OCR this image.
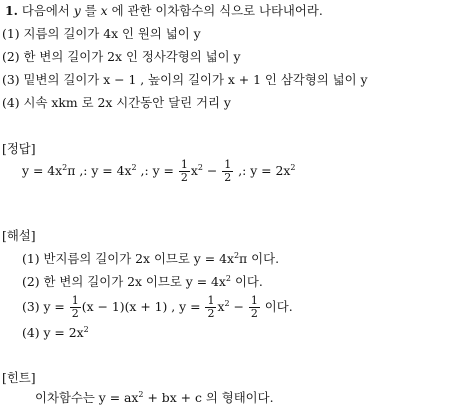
1. 다음에서 y 를 x 에 관한 이차함수의 식으로 나타내어라.
(1) 지름의 길이가 4x 인 원의 넓이 y
(2) 한 변의 길이가 2x 인 정사각형의 넓이 y
(3) 밑변의 길이가 x − 1 , 높이의 길이가 x + 1 인 삼각형의 넓이 y
(4) 시속 xkm 로 2x 시간동안 달린 거리 y
[정답]
$y = 4x^2\pi$ ,: $y = 4x^2$ ,: $y = \frac{1}{2} x^2 - \frac{1}{2}$ ,: $y = 2x^2$
[해설]
(1) 반지름의 길이가 2x 이므로 $y = 4x^2\pi$ 이다.
(2) 한 변의 길이가 2x 이므로 $y = 4x^2$ 이다.
(3) $y = \frac{1}{2} (x - 1)(x + 1)$ , $y = \frac{1}{2} x^2 - \frac{1}{2}$ 이다.
(4) $y = 2x^2$
[힌트]
이차함수는 $y = ax^2$ + bx + c 의 형태이다.
